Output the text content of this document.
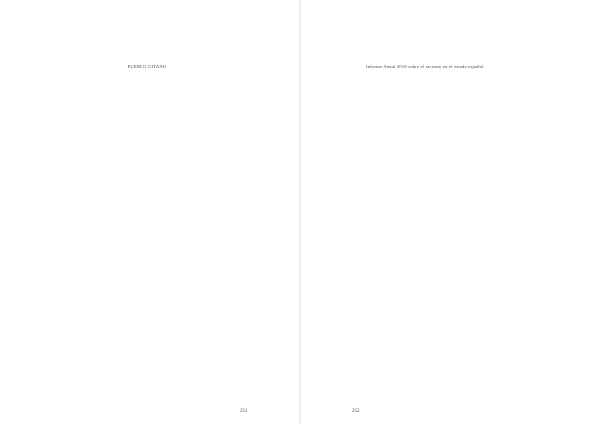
PUEBLO GITANO
251
Informe Anual 2016 sobre el racismo en el estado español
252
